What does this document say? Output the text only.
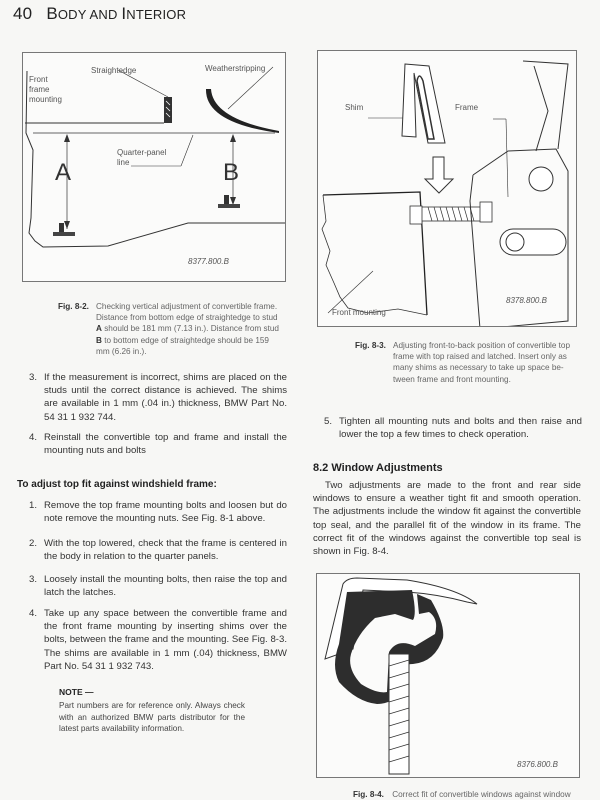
40 BODY AND INTERIOR
Front
frame
mounting
Straightedge	Weatherstripping
Quarter-panel
line
A	B
8377.800.B
Fig. 8-2. Checking vertical adjustment of convertible frame.
Distance from bottom edge of straightedge to stud
A should be 181 mm (7.13 in.). Distance from stud
B to bottom edge of straightedge should be 159
mm (6.26 in.).
3. If the measurement is incorrect, shims are placed on the studs until the correct distance is achieved. The shims are available in 1 mm (.04 in.) thickness, BMW Part No. 54 31 1 932 744.
4. Reinstall the convertible top and frame and install the mounting nuts and bolts
To adjust top fit against windshield frame:
1. Remove the top frame mounting bolts and loosen but do note remove the mounting nuts. See Fig. 8-1 above.
2. With the top lowered, check that the frame is centered in the body in relation to the quarter panels.
3. Loosely install the mounting bolts, then raise the top and latch the latches.
4. Take up any space between the convertible frame and the front frame mounting by inserting shims over the bolts, between the frame and the mounting. See Fig. 8-3. The shims are available in 1 mm (.04) thickness, BMW Part No. 54 31 1 932 743.
NOTE —
Part numbers are for reference only. Always check with an authorized BMW parts distributor for the latest parts availability information.
Shim	Frame
Front mounting
8378.800.B
Fig. 8-3. Adjusting front-to-back position of convertible top
frame with top raised and latched. Insert only as
many shims as necessary to take up space be-
tween frame and front mounting.
5. Tighten all mounting nuts and bolts and then raise and lower the top a few times to check operation.
8.2 Window Adjustments
Two adjustments are made to the front and rear side windows to ensure a weather tight fit and smooth operation. The adjustments include the window fit against the convertible top seal, and the parallel fit of the window in its frame. The correct fit of the windows against the convertible top seal is shown in Fig. 8-4.
8376.800.B
Fig. 8-4. Correct fit of convertible windows against window
